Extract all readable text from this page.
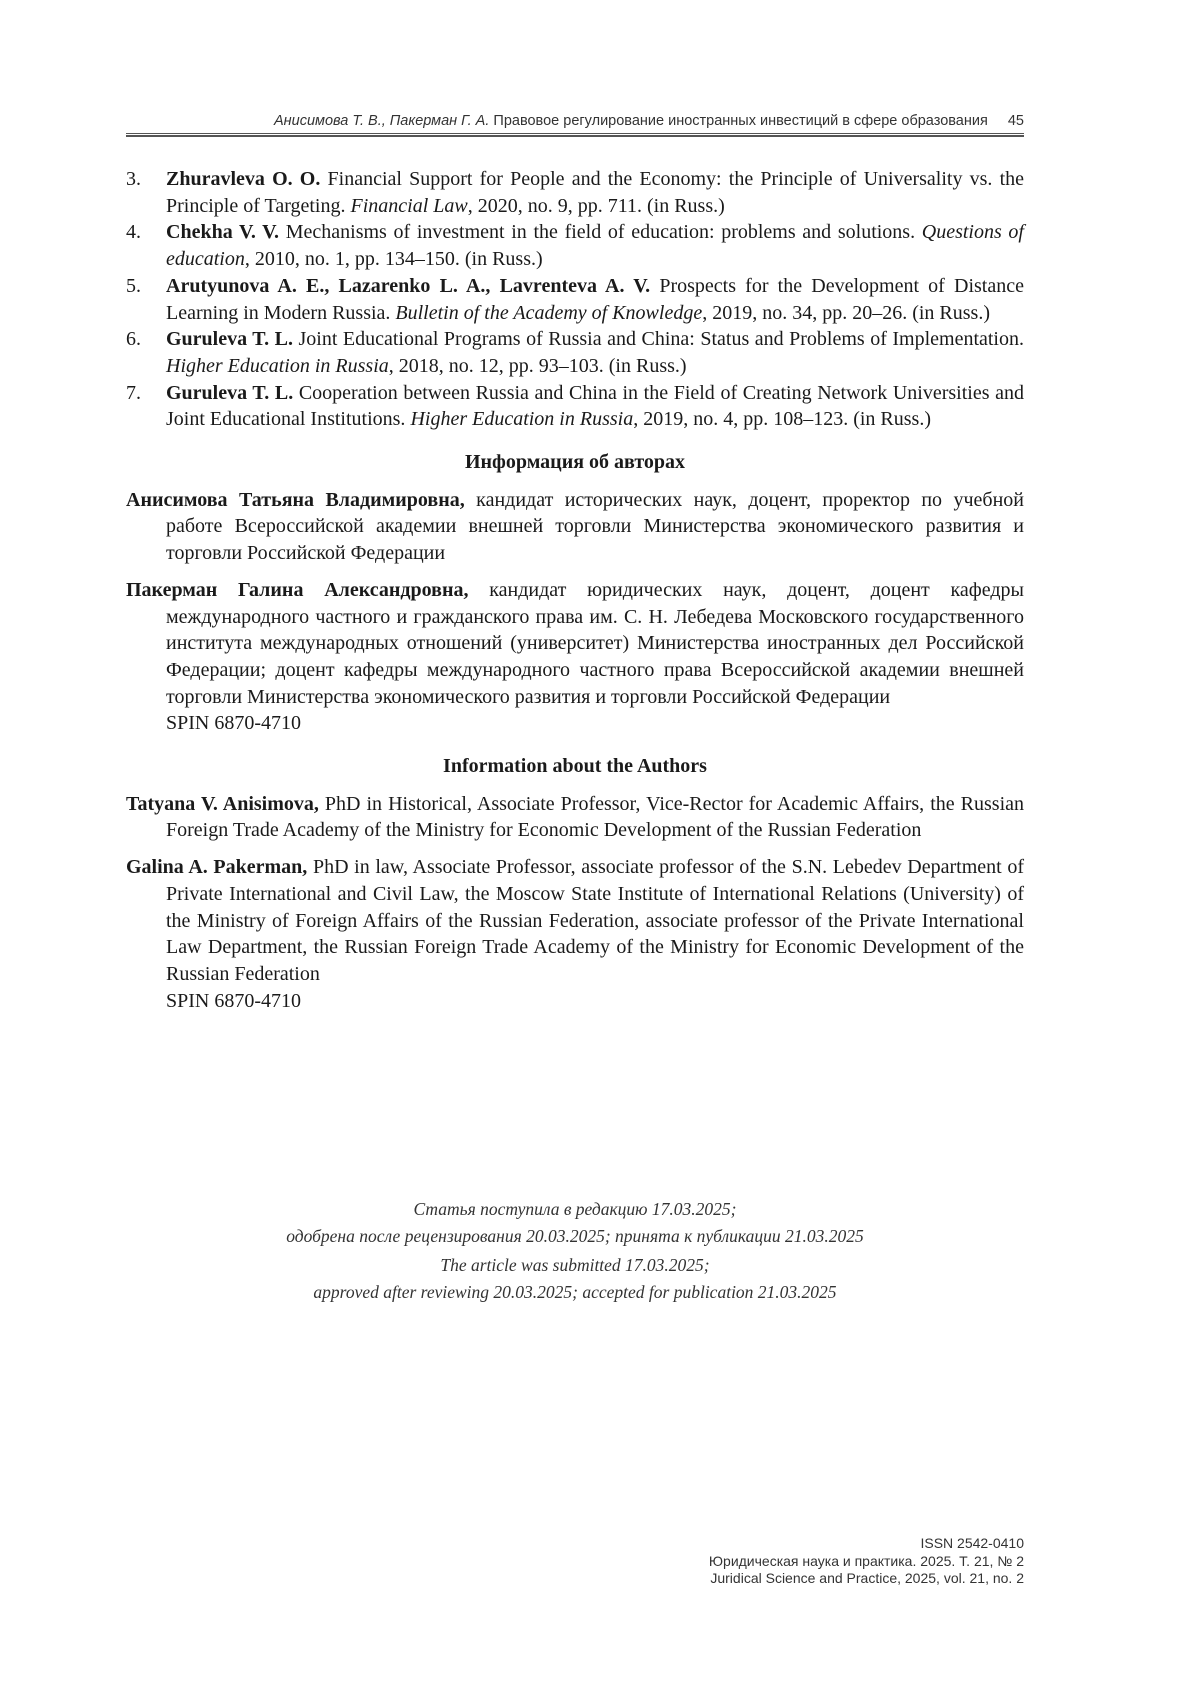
Анисимова Т. В., Пакерман Г. А. Правовое регулирование иностранных инвестиций в сфере образования 45
3. Zhuravleva O. O. Financial Support for People and the Economy: the Principle of Universality vs. the Principle of Targeting. Financial Law, 2020, no. 9, pp. 711. (in Russ.)
4. Chekha V. V. Mechanisms of investment in the field of education: problems and solutions. Questions of education, 2010, no. 1, pp. 134–150. (in Russ.)
5. Arutyunova A. E., Lazarenko L. A., Lavrenteva A. V. Prospects for the Development of Distance Learning in Modern Russia. Bulletin of the Academy of Knowledge, 2019, no. 34, pp. 20–26. (in Russ.)
6. Guruleva T. L. Joint Educational Programs of Russia and China: Status and Problems of Implementation. Higher Education in Russia, 2018, no. 12, pp. 93–103. (in Russ.)
7. Guruleva T. L. Cooperation between Russia and China in the Field of Creating Network Universities and Joint Educational Institutions. Higher Education in Russia, 2019, no. 4, pp. 108–123. (in Russ.)
Информация об авторах

Анисимова Татьяна Владимировна, кандидат исторических наук, доцент, проректор по учебной работе Всероссийской академии внешней торговли Министерства экономического развития и торговли Российской Федерации

Пакерман Галина Александровна, кандидат юридических наук, доцент, доцент кафедры международного частного и гражданского права им. С. Н. Лебедева Московского государственного института международных отношений (университет) Министерства иностранных дел Российской Федерации; доцент кафедры международного частного права Всероссийской академии внешней торговли Министерства экономического развития и торговли Российской Федерации
SPIN 6870-4710

Information about the Authors

Tatyana V. Anisimova, PhD in Historical, Associate Professor, Vice-Rector for Academic Affairs, the Russian Foreign Trade Academy of the Ministry for Economic Development of the Russian Federation

Galina A. Pakerman, PhD in law, Associate Professor, associate professor of the S.N. Lebedev Department of Private International and Civil Law, the Moscow State Institute of International Relations (University) of the Ministry of Foreign Affairs of the Russian Federation, associate professor of the Private International Law Department, the Russian Foreign Trade Academy of the Ministry for Economic Development of the Russian Federation
SPIN 6870-4710

Статья поступила в редакцию 17.03.2025;

одобрена после рецензирования 20.03.2025; принята к публикации 21.03.2025

The article was submitted 17.03.2025;

approved after reviewing 20.03.2025; accepted for publication 21.03.2025

ISSN 2542-0410
Юридическая наука и практика. 2025. Т. 21, № 2
Juridical Science and Practice, 2025, vol. 21, no. 2
